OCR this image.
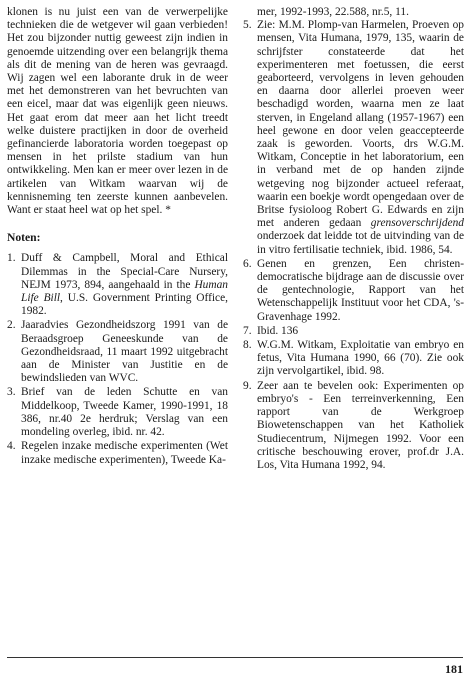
klonen is nu juist een van de verwerpelijke technieken die de wetgever wil gaan verbieden! Het zou bijzonder nuttig geweest zijn indien in genoemde uitzending over een belangrijk thema als dit de mening van de heren was gevraagd. Wij zagen wel een laborante druk in de weer met het demonstreren van het bevruchten van een eicel, maar dat was eigenlijk geen nieuws. Het gaat erom dat meer aan het licht treedt welke duistere practijken in door de overheid gefinancierde laboratoria worden toegepast op mensen in het prilste stadium van hun ontwikkeling. Men kan er meer over lezen in de artikelen van Witkam waarvan wij de kennisneming ten zeerste kunnen aanbevelen. Want er staat heel wat op het spel. *

Noten:
1. Duff & Campbell, Moral and Ethical Dilemmas in the Special-Care Nursery, NEJM 1973, 894, aangehaald in the Human Life Bill, U.S. Government Printing Office, 1982.
2. Jaaradvies Gezondheidszorg 1991 van de Beraadsgroep Geneeskunde van de Gezondheidsraad, 11 maart 1992 uitgebracht aan de Minister van Justitie en de bewindslieden van WVC.
3. Brief van de leden Schutte en van Middelkoop, Tweede Kamer, 1990-1991, 18 386, nr.40 2e herdruk; Verslag van een mondeling overleg, ibid. nr. 42.
4. Regelen inzake medische experimenten (Wet inzake medische experimenten), Tweede Ka-

mer, 1992-1993, 22.588, nr.5, 11.

5. Zie: M.M. Plomp-van Harmelen, Proeven op mensen, Vita Humana, 1979, 135, waarin de schrijfster constateerde dat het experimenteren met foetussen, die eerst geaborteerd, vervolgens in leven gehouden en daarna door allerlei proeven weer beschadigd worden, waarna men ze laat sterven, in Engeland allang (1957-1967) een heel gewone en door velen geaccepteerde zaak is geworden. Voorts, drs W.G.M. Witkam, Conceptie in het laboratorium, een in verband met de op handen zijnde wetgeving nog bijzonder actueel referaat, waarin een boekje wordt opengedaan over de Britse fysioloog Robert G. Edwards en zijn met anderen gedaan grensoverschrijdend onderzoek dat leidde tot de uitvinding van de in vitro fertilisatie techniek, ibid. 1986, 54.
6. Genen en grenzen, Een christen-democratische bijdrage aan de discussie over de gentechnologie, Rapport van het Wetenschappelijk Instituut voor het CDA, 's-Gravenhage 1992.
7. Ibid. 136
8. W.G.M. Witkam, Exploitatie van embryo en fetus, Vita Humana 1990, 66 (70). Zie ook zijn vervolgartikel, ibid. 98.
9. Zeer aan te bevelen ook: Experimenten op embryo's - Een terreinverkenning, Een rapport van de Werkgroep Biowetenschappen van het Katholiek Studiecentrum, Nijmegen 1992. Voor een critische beschouwing erover, prof.dr J.A. Los, Vita Humana 1992, 94.
181
